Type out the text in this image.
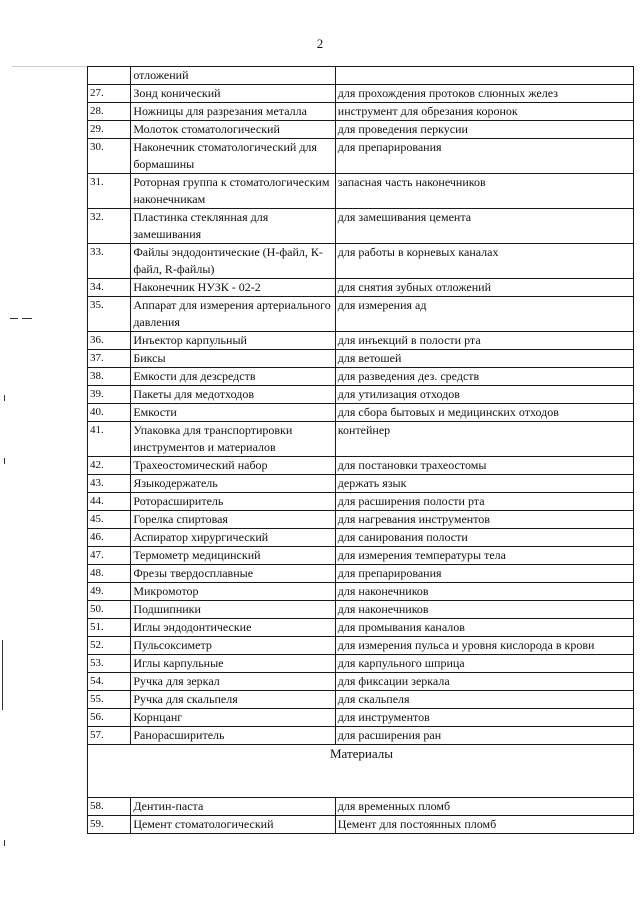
2
	отложений	
27.	Зонд конический	для прохождения протоков слюнных желез
28.	Ножницы для разрезания металла	инструмент для обрезания коронок
29.	Молоток стоматологический	для проведения перкусии
30.	Наконечник стоматологический для бормашины	для препарирования
31.	Роторная группа к стоматологическим наконечникам	запасная часть наконечников
32.	Пластинка стеклянная для замешивания	для замешивания цемента
33.	Файлы эндодонтические (Н-файл, К-файл, R-файлы)	для работы в корневых каналах
34.	Наконечник НУЗК - 02-2	для снятия зубных отложений
35.	Аппарат для измерения артериального давления	для измерения ад
36.	Инъектор карпульный	для инъекций в полости рта
37.	Биксы	для ветошей
38.	Емкости для дезсредств	для разведения дез. средств
39.	Пакеты для медотходов	для утилизация отходов
40.	Емкости	для сбора бытовых и медицинских отходов
41.	Упаковка для транспортировки инструментов и материалов	контейнер
42.	Трахеостомический набор	для постановки трахеостомы
43.	Языкодержатель	держать язык
44.	Роторасширитель	для расширения полости рта
45.	Горелка спиртовая	для нагревания инструментов
46.	Аспиратор хирургический	для санирования полости
47.	Термометр медицинский	для измерения температуры тела
48.	Фрезы твердосплавные	для препарирования
49.	Микромотор	для наконечников
50.	Подшипники	для наконечников
51.	Иглы эндодонтические	для промывания каналов
52.	Пульсоксиметр	для измерения пульса и уровня кислорода в крови
53.	Иглы карпульные	для карпульного шприца
54.	Ручка для зеркал	для фиксации зеркала
55.	Ручка для скальпеля	для скальпеля
56.	Корнцанг	для инструментов
57.	Ранорасширитель	для расширения ран
Материалы		
58.	Дентин-паста	для временных пломб
59.	Цемент стоматологический	Цемент для постоянных пломб
